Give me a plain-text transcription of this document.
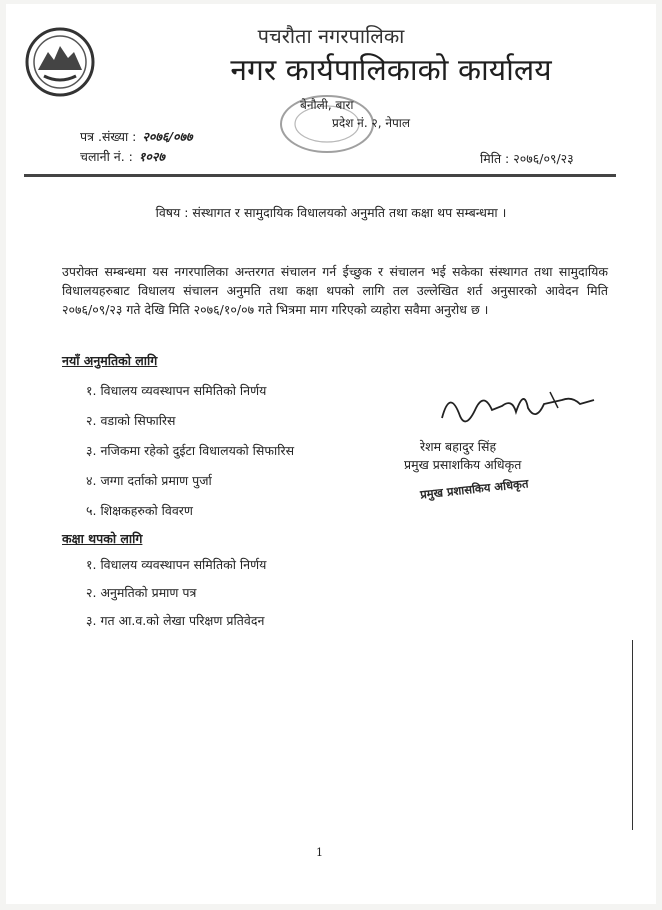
पचरौता नगरपालिका
नगर कार्यपालिकाको कार्यालय
बेनौली, बारा
प्रदेश नं. २, नेपाल
पत्र .संख्या : २०७६/०७७
चलानी नं. : १०२७	मिति : २०७६/०९/२३
विषय : संस्थागत र सामुदायिक विधालयको अनुमति तथा कक्षा थप सम्बन्धमा ।
उपरोक्त सम्बन्धमा यस नगरपालिका अन्तरगत संचालन गर्न ईच्छुक र संचालन भई सकेका संस्थागत तथा सामुदायिक विधालयहरुबाट विधालय संचालन अनुमति तथा कक्षा थपको लागि तल उल्लेखित शर्त अनुसारको आवेदन मिति २०७६/०९/२३ गते देखि मिति २०७६/१०/०७ गते भित्रमा माग गरिएको व्यहोरा सवैमा अनुरोध छ ।
नयाँ अनुमतिको लागि
१. विधालय व्यवस्थापन समितिको निर्णय
२. वडाको सिफारिस
३. नजिकमा रहेको दुईटा विधालयको सिफारिस
४. जग्गा दर्ताको प्रमाण पुर्जा
५. शिक्षकहरुको विवरण
कक्षा थपको लागि
१. विधालय व्यवस्थापन समितिको निर्णय
२. अनुमतिको प्रमाण पत्र
३. गत आ.व.को लेखा परिक्षण प्रतिवेदन
रेशम बहादुर सिंह
प्रमुख प्रसाशकिय अधिकृत
प्रमुख प्रशासकिय अधिकृत
1
